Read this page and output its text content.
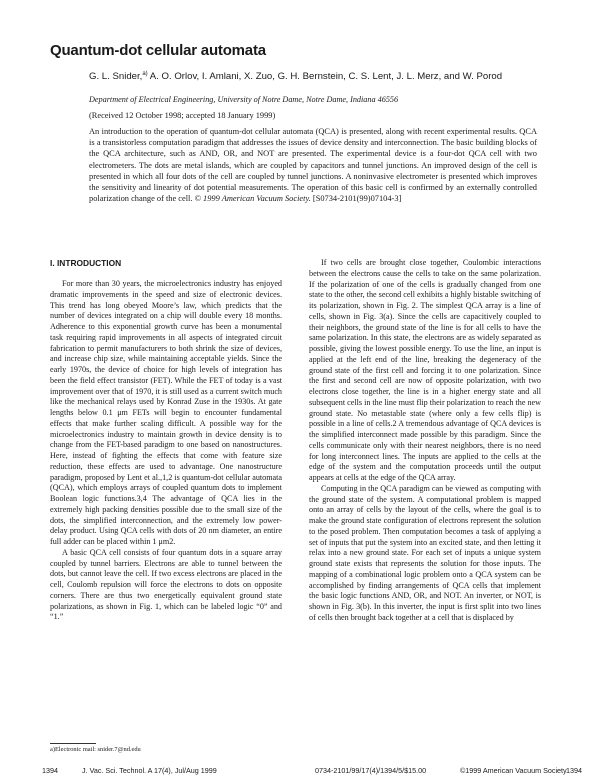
Quantum-dot cellular automata
G. L. Snider,$^{a)}$ A. O. Orlov, I. Amlani, X. Zuo, G. H. Bernstein, C. S. Lent, J. L. Merz, and W. Porod
Department of Electrical Engineering, University of Notre Dame, Notre Dame, Indiana 46556
(Received 12 October 1998; accepted 18 January 1999)
An introduction to the operation of quantum-dot cellular automata (QCA) is presented, along with recent experimental results. QCA is a transistorless computation paradigm that addresses the issues of device density and interconnection. The basic building blocks of the QCA architecture, such as AND, OR, and NOT are presented. The experimental device is a four-dot QCA cell with two electrometers. The dots are metal islands, which are coupled by capacitors and tunnel junctions. An improved design of the cell is presented in which all four dots of the cell are coupled by tunnel junctions. A noninvasive electrometer is presented which improves the sensitivity and linearity of dot potential measurements. The operation of this basic cell is confirmed by an externally controlled polarization change of the cell. © 1999 American Vacuum Society. [S0734-2101(99)07104-3]
I. INTRODUCTION

For more than 30 years, the microelectronics industry has enjoyed dramatic improvements in the speed and size of electronic devices. This trend has long obeyed Moore’s law, which predicts that the number of devices integrated on a chip will double every 18 months. Adherence to this exponential growth curve has been a monumental task requiring rapid improvements in all aspects of integrated circuit fabrication to permit manufacturers to both shrink the size of devices, and increase chip size, while maintaining acceptable yields. Since the early 1970s, the device of choice for high levels of integration has been the field effect transistor (FET). While the FET of today is a vast improvement over that of 1970, it is still used as a current switch much like the mechanical relays used by Konrad Zuse in the 1930s. At gate lengths below 0.1 μm FETs will begin to encounter fundamental effects that make further scaling difficult. A possible way for the microelectronics industry to maintain growth in device density is to change from the FET-based paradigm to one based on nanostructures. Here, instead of fighting the effects that come with feature size reduction, these effects are used to advantage. One nanostructure paradigm, proposed by Lent et al.,1,2 is quantum-dot cellular automata (QCA), which employs arrays of coupled quantum dots to implement Boolean logic functions.3,4 The advantage of QCA lies in the extremely high packing densities possible due to the small size of the dots, the simplified interconnection, and the extremely low power-delay product. Using QCA cells with dots of 20 nm diameter, an entire full adder can be placed within 1 μm2.

A basic QCA cell consists of four quantum dots in a square array coupled by tunnel barriers. Electrons are able to tunnel between the dots, but cannot leave the cell. If two excess electrons are placed in the cell, Coulomb repulsion will force the electrons to dots on opposite corners. There are thus two energetically equivalent ground state polarizations, as shown in Fig. 1, which can be labeled logic “0” and “1.”

If two cells are brought close together, Coulombic interactions between the electrons cause the cells to take on the same polarization. If the polarization of one of the cells is gradually changed from one state to the other, the second cell exhibits a highly bistable switching of its polarization, shown in Fig. 2. The simplest QCA array is a line of cells, shown in Fig. 3(a). Since the cells are capacitively coupled to their neighbors, the ground state of the line is for all cells to have the same polarization. In this state, the electrons are as widely separated as possible, giving the lowest possible energy. To use the line, an input is applied at the left end of the line, breaking the degeneracy of the ground state of the first cell and forcing it to one polarization. Since the first and second cell are now of opposite polarization, with two electrons close together, the line is in a higher energy state and all subsequent cells in the line must flip their polarization to reach the new ground state. No metastable state (where only a few cells flip) is possible in a line of cells.2 A tremendous advantage of QCA devices is the simplified interconnect made possible by this paradigm. Since the cells communicate only with their nearest neighbors, there is no need for long interconnect lines. The inputs are applied to the cells at the edge of the system and the computation proceeds until the output appears at cells at the edge of the QCA array.

Computing in the QCA paradigm can be viewed as computing with the ground state of the system. A computational problem is mapped onto an array of cells by the layout of the cells, where the goal is to make the ground state configuration of electrons represent the solution to the posed problem. Then computation becomes a task of applying a set of inputs that put the system into an excited state, and then letting it relax into a new ground state. For each set of inputs a unique system ground state exists that represents the solution for those inputs. The mapping of a combinational logic problem onto a QCA system can be accomplished by finding arrangements of QCA cells that implement the basic logic functions AND, OR, and NOT. An inverter, or NOT, is shown in Fig. 3(b). In this inverter, the input is first split into two lines of cells then brought back together at a cell that is displaced by

a)Electronic mail: snider.7@nd.edu
1394	J. Vac. Sci. Technol. A 17(4), Jul/Aug 1999	0734-2101/99/17(4)/1394/5/$15.00	©1999 American Vacuum Society 1394
